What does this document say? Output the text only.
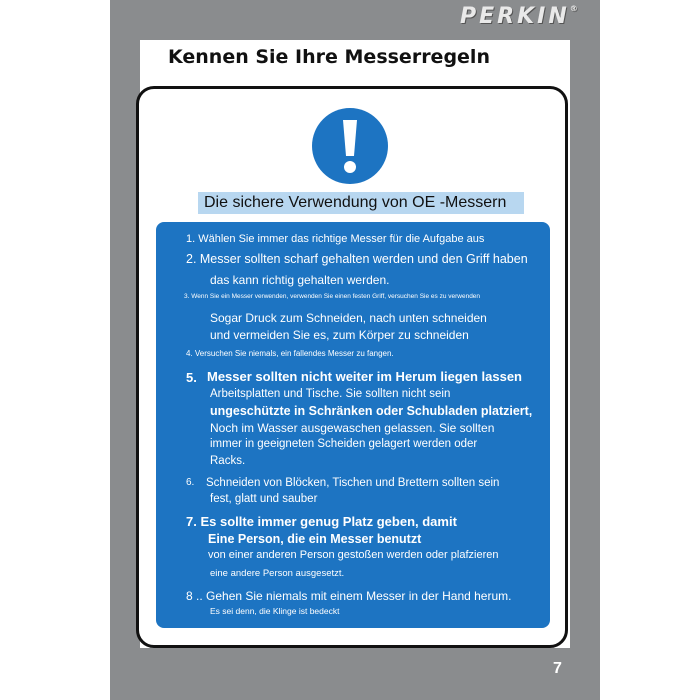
PERKIN®
Kennen Sie Ihre Messerregeln
Die sichere Verwendung von OE -Messern
1. Wählen Sie immer das richtige Messer für die Aufgabe aus
2. Messer sollten scharf gehalten werden und den Griff haben
das kann richtig gehalten werden.
3. Wenn Sie ein Messer verwenden, verwenden Sie einen festen Griff, versuchen Sie es zu verwenden
Sogar Druck zum Schneiden, nach unten schneiden
und vermeiden Sie es, zum Körper zu schneiden
4. Versuchen Sie niemals, ein fallendes Messer zu fangen.
5. Messer sollten nicht weiter im Herum liegen lassen
Arbeitsplatten und Tische. Sie sollten nicht sein
ungeschützte in Schränken oder Schubladen platziert,
Noch im Wasser ausgewaschen gelassen. Sie sollten
immer in geeigneten Scheiden gelagert werden oder
Racks.
6. Schneiden von Blöcken, Tischen und Brettern sollten sein
fest, glatt und sauber
7. Es sollte immer genug Platz geben, damit
Eine Person, die ein Messer benutzt
von einer anderen Person gestoßen werden oder plafzieren
eine andere Person ausgesetzt.
8 .. Gehen Sie niemals mit einem Messer in der Hand herum.
Es sei denn, die Klinge ist bedeckt
7
